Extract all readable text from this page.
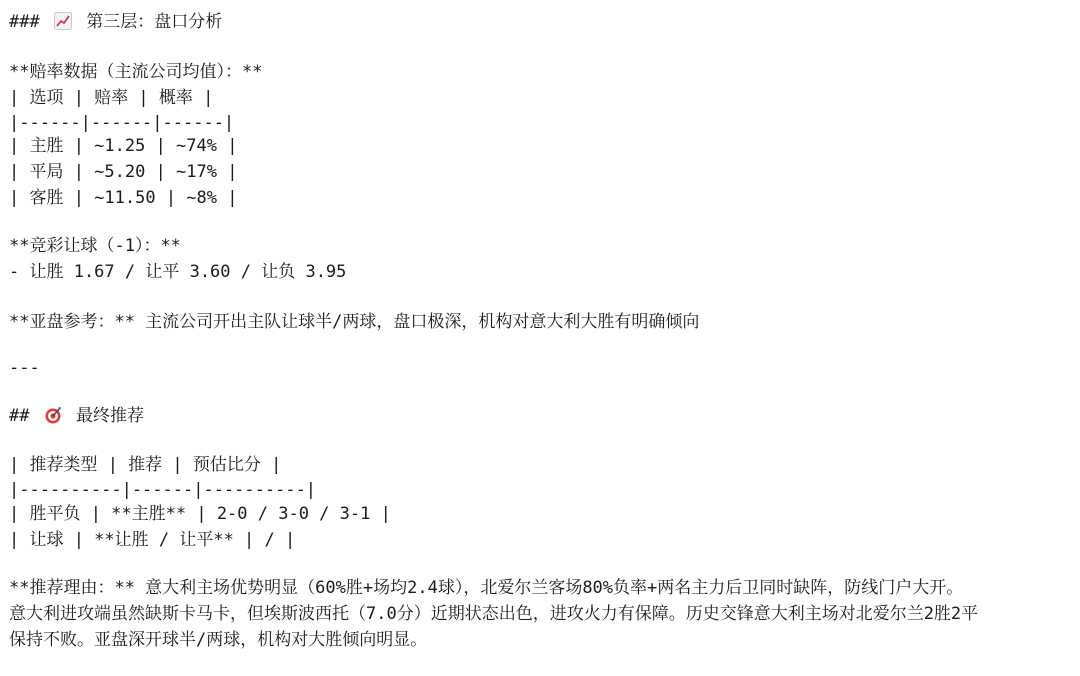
###  第三层：盘口分析
**赔率数据（主流公司均值）：**
| 选项 | 赔率 | 概率 |
|------|------|------|
| 主胜 | ~1.25 | ~74% |
| 平局 | ~5.20 | ~17% |
| 客胜 | ~11.50 | ~8% |
**竞彩让球（-1）：**
- 让胜 1.67 / 让平 3.60 / 让负 3.95
**亚盘参考：** 主流公司开出主队让球半/两球，盘口极深，机构对意大利大胜有明确倾向
---
##  最终推荐
| 推荐类型 | 推荐 | 预估比分 |
|----------|------|----------|
| 胜平负 | **主胜** | 2-0 / 3-0 / 3-1 |
| 让球 | **让胜 / 让平** | / |
**推荐理由：** 意大利主场优势明显（60%胜+场均2.4球），北爱尔兰客场80%负率+两名主力后卫同时缺阵，防线门户大开。
意大利进攻端虽然缺斯卡马卡，但埃斯波西托（7.0分）近期状态出色，进攻火力有保障。历史交锋意大利主场对北爱尔兰2胜2平
保持不败。亚盘深开球半/两球，机构对大胜倾向明显。
